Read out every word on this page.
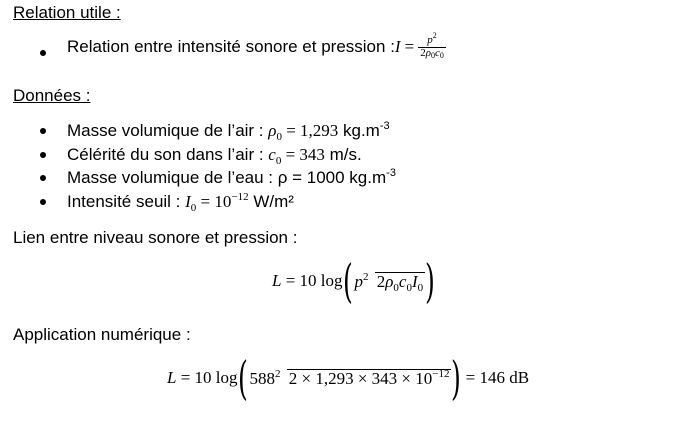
Relation utile :
Relation entre intensité sonore et pression : $I = \frac{p^2}{2\rho_0c_0}$
Données :
Masse volumique de l’air : $\rho_0 = 1,293$ $kg.m^{-3}$
Célérité du son dans l’air : $c_0 = 343$ m/s.
Masse volumique de l’eau : ρ = 1000 $kg.m^{-3}$
Intensité seuil : $I_0 = 10^{-12}$ W/m²
Lien entre niveau sonore et pression :
L = 10 log ( $p^2$ $2\rho_0c_0I_0$ )
Application numérique :
L = 10 log ( $588^2$ $2 \times 1,293 \times 343 \times 10^{-12}$ ) = 146 dB
